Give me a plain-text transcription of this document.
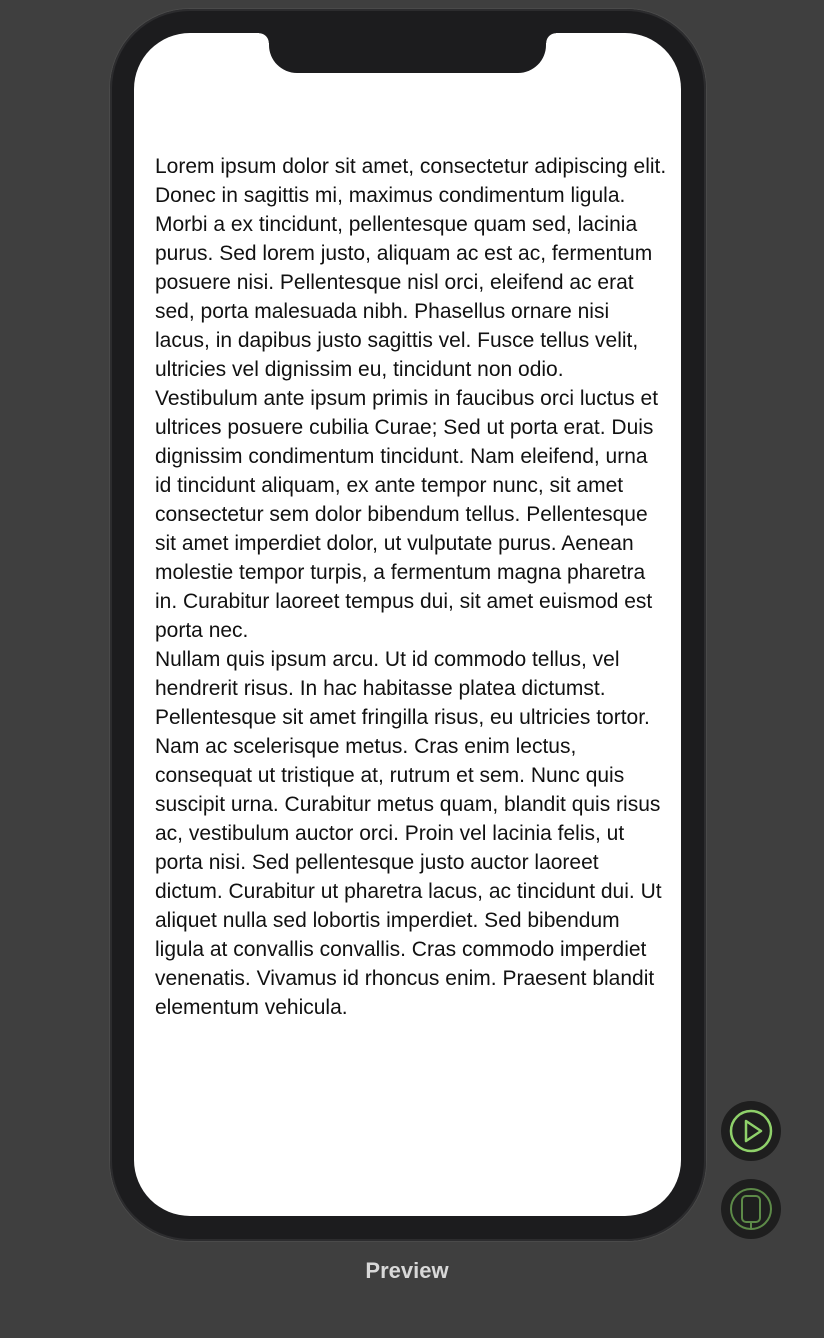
Lorem ipsum dolor sit amet, consectetur adipiscing elit. Donec in sagittis mi, maximus condimentum ligula. Morbi a ex tincidunt, pellentesque quam sed, lacinia purus. Sed lorem justo, aliquam ac est ac, fermentum posuere nisi. Pellentesque nisl orci, eleifend ac erat sed, porta malesuada nibh. Phasellus ornare nisi lacus, in dapibus justo sagittis vel. Fusce tellus velit, ultricies vel dignissim eu, tincidunt non odio. Vestibulum ante ipsum primis in faucibus orci luctus et ultrices posuere cubilia Curae; Sed ut porta erat. Duis dignissim condimentum tincidunt. Nam eleifend, urna id tincidunt aliquam, ex ante tempor nunc, sit amet consectetur sem dolor bibendum tellus. Pellentesque sit amet imperdiet dolor, ut vulputate purus. Aenean molestie tempor turpis, a fermentum magna pharetra in. Curabitur laoreet tempus dui, sit amet euismod est porta nec.

Nullam quis ipsum arcu. Ut id commodo tellus, vel hendrerit risus. In hac habitasse platea dictumst. Pellentesque sit amet fringilla risus, eu ultricies tortor. Nam ac scelerisque metus. Cras enim lectus, consequat ut tristique at, rutrum et sem. Nunc quis suscipit urna. Curabitur metus quam, blandit quis risus ac, vestibulum auctor orci. Proin vel lacinia felis, ut porta nisi. Sed pellentesque justo auctor laoreet dictum. Curabitur ut pharetra lacus, ac tincidunt dui. Ut aliquet nulla sed lobortis imperdiet. Sed bibendum ligula at convallis convallis. Cras commodo imperdiet venenatis. Vivamus id rhoncus enim. Praesent blandit elementum vehicula.

Preview
